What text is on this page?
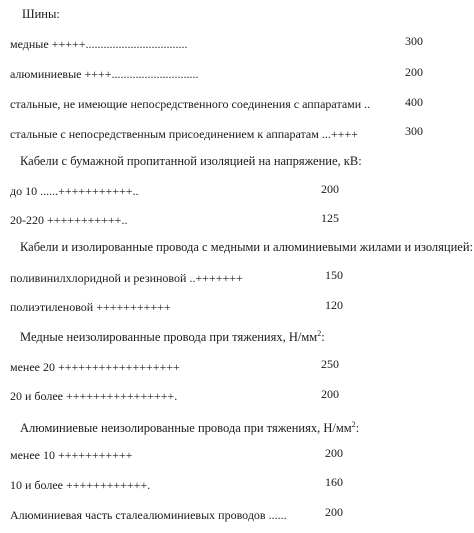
Шины:
медные +++++..................................	300
алюминиевые ++++.............................	200
стальные, не имеющие непосредственного соединения с аппаратами ..	400
стальные с непосредственным присоединением к аппаратам ...++++	300
Кабели с бумажной пропитанной изоляцией на напряжение, кВ:
до 10 ......+++++++++++..	200
20-220 +++++++++++..	125
Кабели и изолированные провода с медными и алюминиевыми жилами и изоляцией:
поливинилхлоридной и резиновой ..+++++++	150
полиэтиленовой +++++++++++	120
Медные неизолированные провода при тяжениях, $Н/мм^2$:
менее 20 ++++++++++++++++++	250
20 и более ++++++++++++++++.	200
Алюминиевые неизолированные провода при тяжениях, $Н/мм^2$:
менее 10 +++++++++++	200
10 и более ++++++++++++.	160
Алюминиевая часть сталеалюминиевых проводов ......	200
